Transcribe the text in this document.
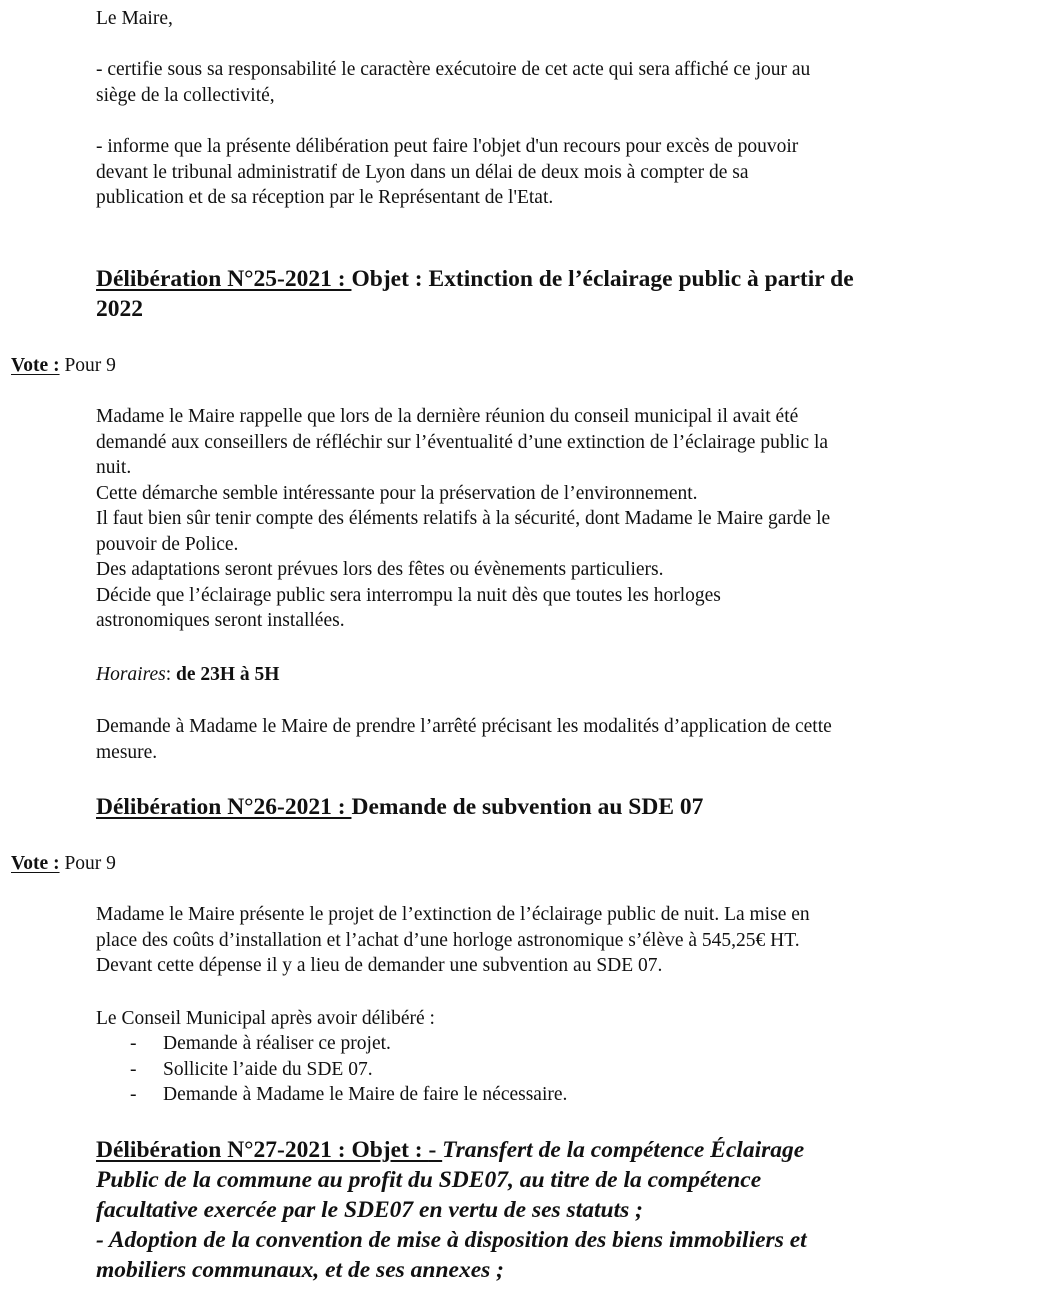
Le Maire,

- certifie sous sa responsabilité le caractère exécutoire de cet acte qui sera affiché ce jour au
siège de la collectivité,

- informe que la présente délibération peut faire l'objet d'un recours pour excès de pouvoir
devant le tribunal administratif de Lyon dans un délai de deux mois à compter de sa
publication et de sa réception par le Représentant de l'Etat.

Délibération N°25-2021 : Objet : Extinction de l’éclairage public à partir de
2022

Vote : Pour 9

Madame le Maire rappelle que lors de la dernière réunion du conseil municipal il avait été
demandé aux conseillers de réfléchir sur l’éventualité d’une extinction de l’éclairage public la
nuit.
Cette démarche semble intéressante pour la préservation de l’environnement.
Il faut bien sûr tenir compte des éléments relatifs à la sécurité, dont Madame le Maire garde le
pouvoir de Police.
Des adaptations seront prévues lors des fêtes ou évènements particuliers.
Décide que l’éclairage public sera interrompu la nuit dès que toutes les horloges
astronomiques seront installées.

Horaires: de 23H à 5H

Demande à Madame le Maire de prendre l’arrêté précisant les modalités d’application de cette
mesure.

Délibération N°26-2021 : Demande de subvention au SDE 07

Vote : Pour 9

Madame le Maire présente le projet de l’extinction de l’éclairage public de nuit. La mise en
place des coûts d’installation et l’achat d’une horloge astronomique s’élève à 545,25€ HT.
Devant cette dépense il y a lieu de demander une subvention au SDE 07.

Le Conseil Municipal après avoir délibéré :

- Demande à réaliser ce projet.
- Sollicite l’aide du SDE 07.
- Demande à Madame le Maire de faire le nécessaire.
Délibération N°27-2021 : Objet : - Transfert de la compétence Éclairage
Public de la commune au profit du SDE07, au titre de la compétence
facultative exercée par le SDE07 en vertu de ses statuts ;
- Adoption de la convention de mise à disposition des biens immobiliers et
mobiliers communaux, et de ses annexes ;
